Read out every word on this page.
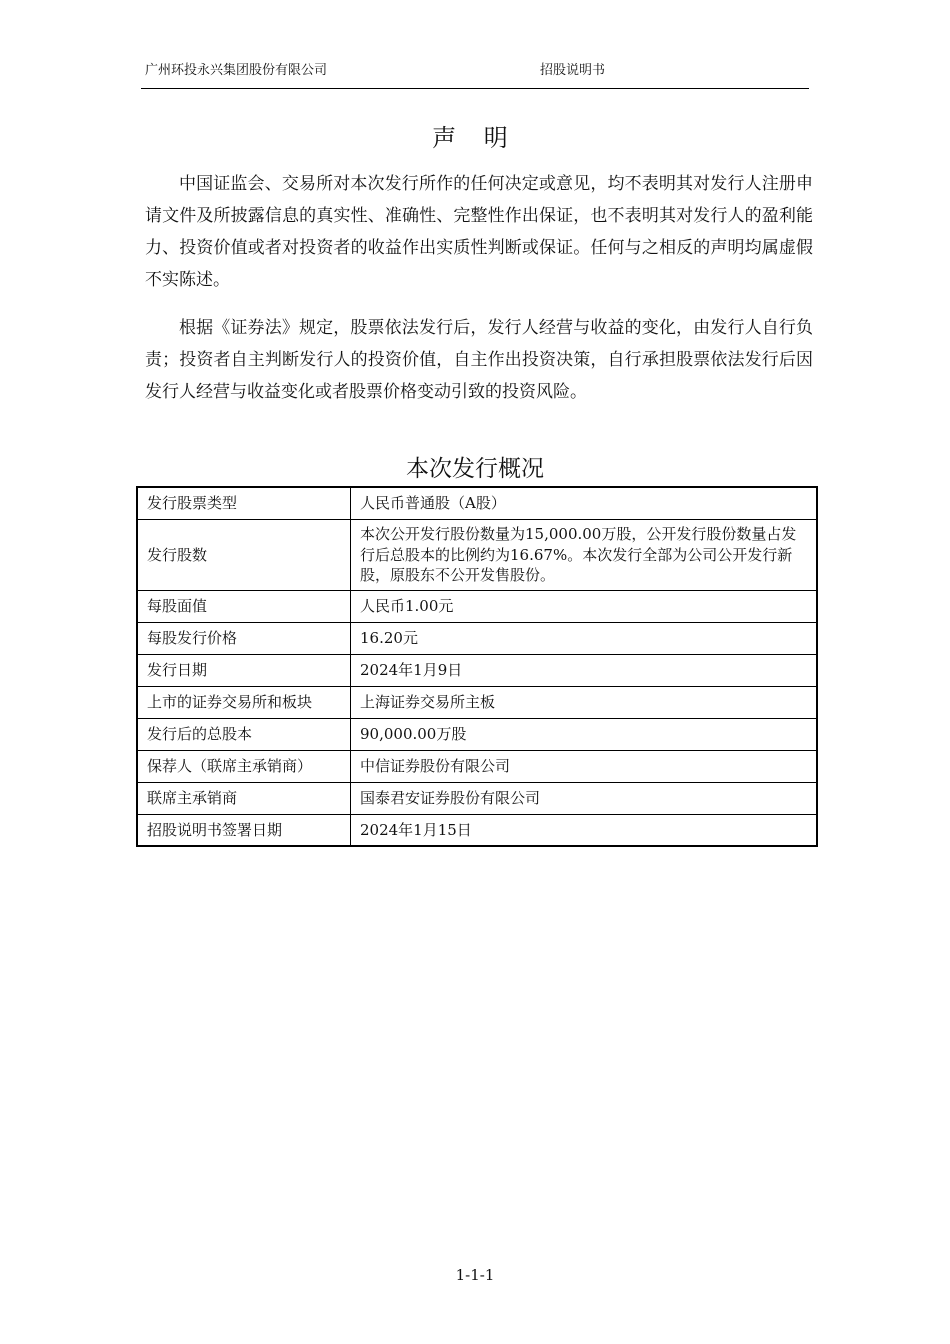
广州环投永兴集团股份有限公司	招股说明书
声 明
中国证监会、交易所对本次发行所作的任何决定或意见，均不表明其对发行人注册申请文件及所披露信息的真实性、准确性、完整性作出保证，也不表明其对发行人的盈利能力、投资价值或者对投资者的收益作出实质性判断或保证。任何与之相反的声明均属虚假不实陈述。
根据《证券法》规定，股票依法发行后，发行人经营与收益的变化，由发行人自行负责；投资者自主判断发行人的投资价值，自主作出投资决策，自行承担股票依法发行后因发行人经营与收益变化或者股票价格变动引致的投资风险。
本次发行概况
发行股票类型	人民币普通股（A股）
发行股数	本次公开发行股份数量为15,000.00万股，公开发行股份数量占发行后总股本的比例约为16.67%。本次发行全部为公司公开发行新股，原股东不公开发售股份。
每股面值	人民币1.00元
每股发行价格	16.20元
发行日期	2024年1月9日
上市的证券交易所和板块	上海证券交易所主板
发行后的总股本	90,000.00万股
保荐人（联席主承销商）	中信证券股份有限公司
联席主承销商	国泰君安证券股份有限公司
招股说明书签署日期	2024年1月15日
1-1-1
